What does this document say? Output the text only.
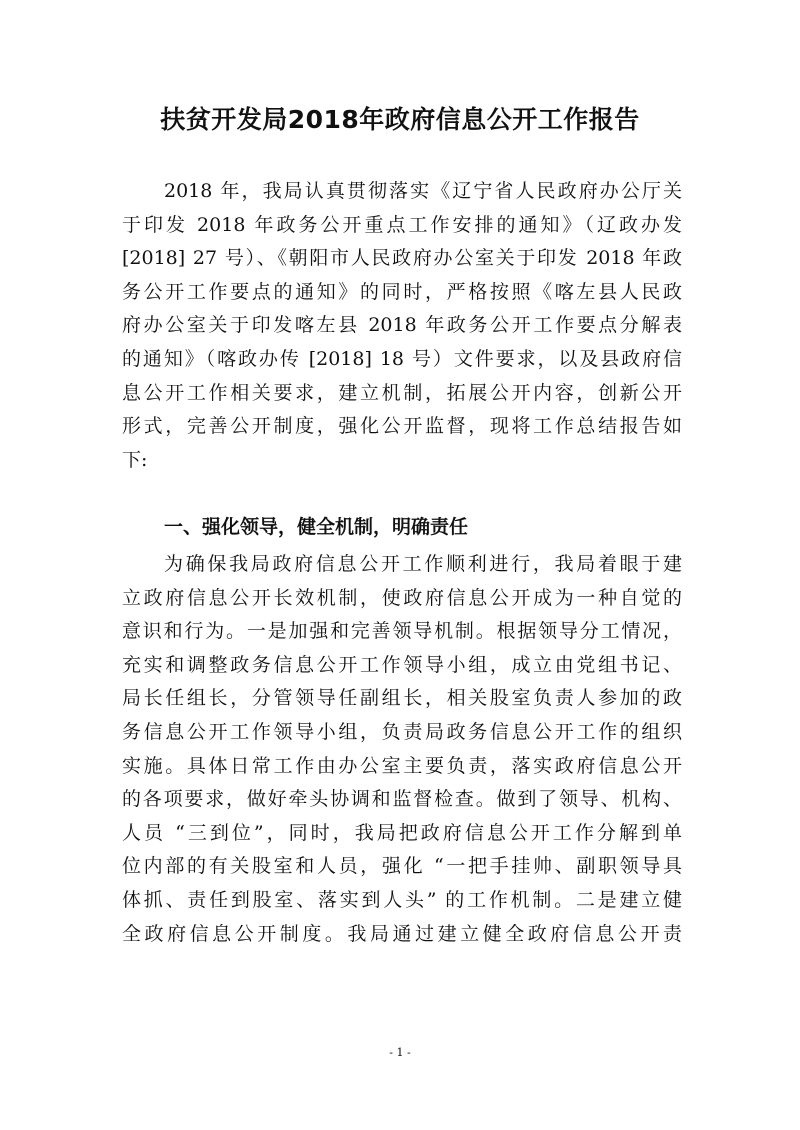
扶贫开发局2018年政府信息公开工作报告
2018 年，我局认真贯彻落实《辽宁省人民政府办公厅关
于印发 2018 年政务公开重点工作安排的通知》（辽政办发
[2018] 27 号）、《朝阳市人民政府办公室关于印发 2018 年政
务公开工作要点的通知》的同时，严格按照《喀左县人民政
府办公室关于印发喀左县 2018 年政务公开工作要点分解表
的通知》（喀政办传 [2018] 18 号）文件要求，以及县政府信
息公开工作相关要求，建立机制，拓展公开内容，创新公开
形式，完善公开制度，强化公开监督，现将工作总结报告如
下:
一、强化领导，健全机制，明确责任
为确保我局政府信息公开工作顺利进行，我局着眼于建
立政府信息公开长效机制，使政府信息公开成为一种自觉的
意识和行为。一是加强和完善领导机制。根据领导分工情况，
充实和调整政务信息公开工作领导小组，成立由党组书记、
局长任组长，分管领导任副组长，相关股室负责人参加的政
务信息公开工作领导小组，负责局政务信息公开工作的组织
实施。具体日常工作由办公室主要负责，落实政府信息公开
的各项要求，做好牵头协调和监督检查。做到了领导、机构、
人员 “三到位”，同时，我局把政府信息公开工作分解到单
位内部的有关股室和人员，强化 “一把手挂帅、副职领导具
体抓、责任到股室、落实到人头” 的工作机制。二是建立健
全政府信息公开制度。我局通过建立健全政府信息公开责
- 1 -
